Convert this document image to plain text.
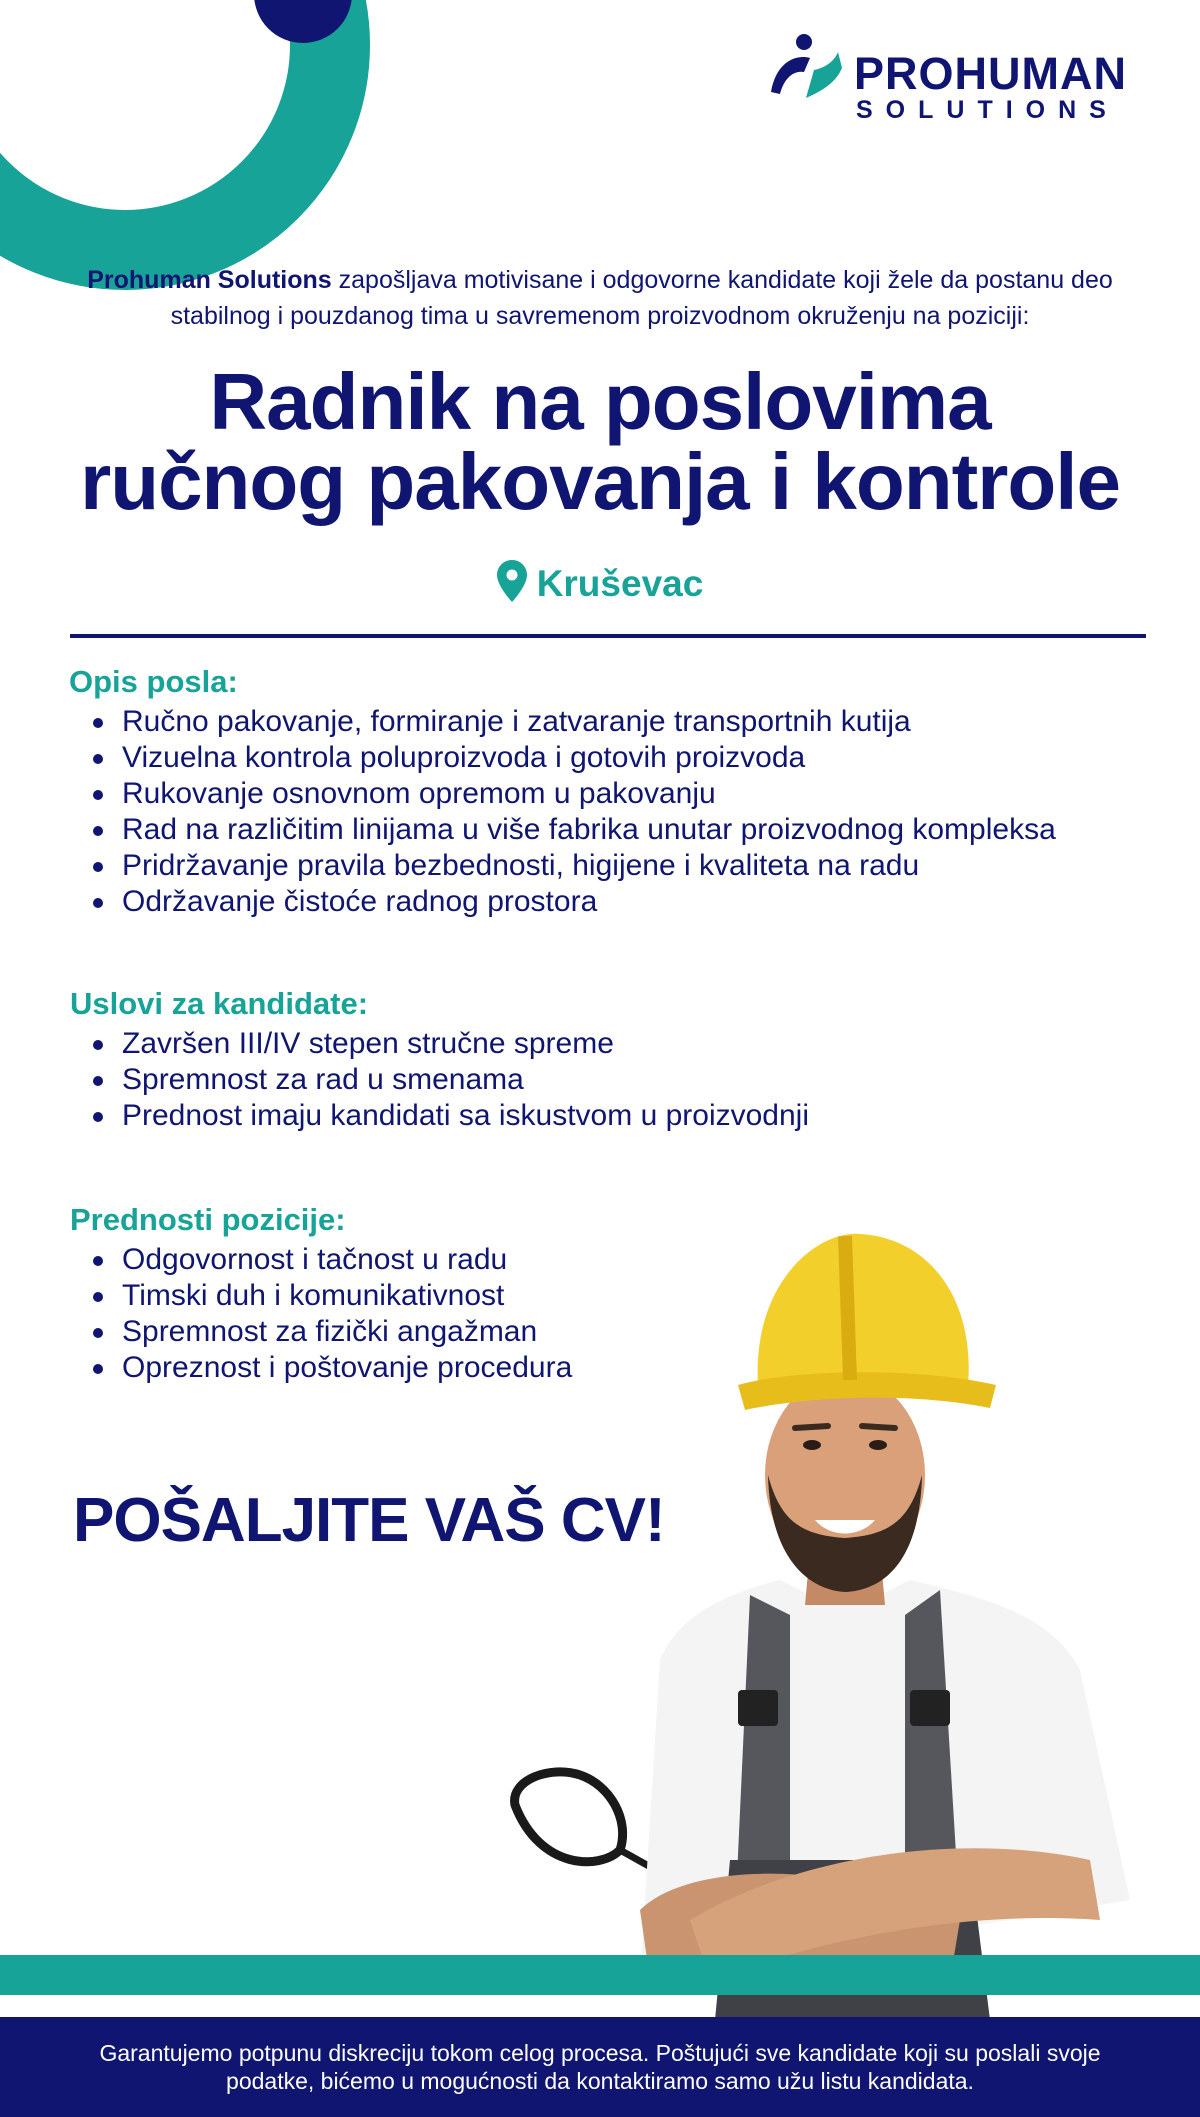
PROHUMAN
SOLUTIONS
Prohuman Solutions zapošljava motivisane i odgovorne kandidate koji žele da postanu deo stabilnog i pouzdanog tima u savremenom proizvodnom okruženju na poziciji:
Radnik na poslovima
ručnog pakovanja i kontrole
Kruševac
Opis posla:
Ručno pakovanje, formiranje i zatvaranje transportnih kutija
Vizuelna kontrola poluproizvoda i gotovih proizvoda
Rukovanje osnovnom opremom u pakovanju
Rad na različitim linijama u više fabrika unutar proizvodnog kompleksa
Pridržavanje pravila bezbednosti, higijene i kvaliteta na radu
Održavanje čistoće radnog prostora
Uslovi za kandidate:
Završen III/IV stepen stručne spreme
Spremnost za rad u smenama
Prednost imaju kandidati sa iskustvom u proizvodnji
Prednosti pozicije:
Odgovornost i tačnost u radu
Timski duh i komunikativnost
Spremnost za fizički angažman
Opreznost i poštovanje procedura
POŠALJITE VAŠ CV!
Garantujemo potpunu diskreciju tokom celog procesa. Poštujući sve kandidate koji su poslali svoje podatke, bićemo u mogućnosti da kontaktiramo samo užu listu kandidata.
